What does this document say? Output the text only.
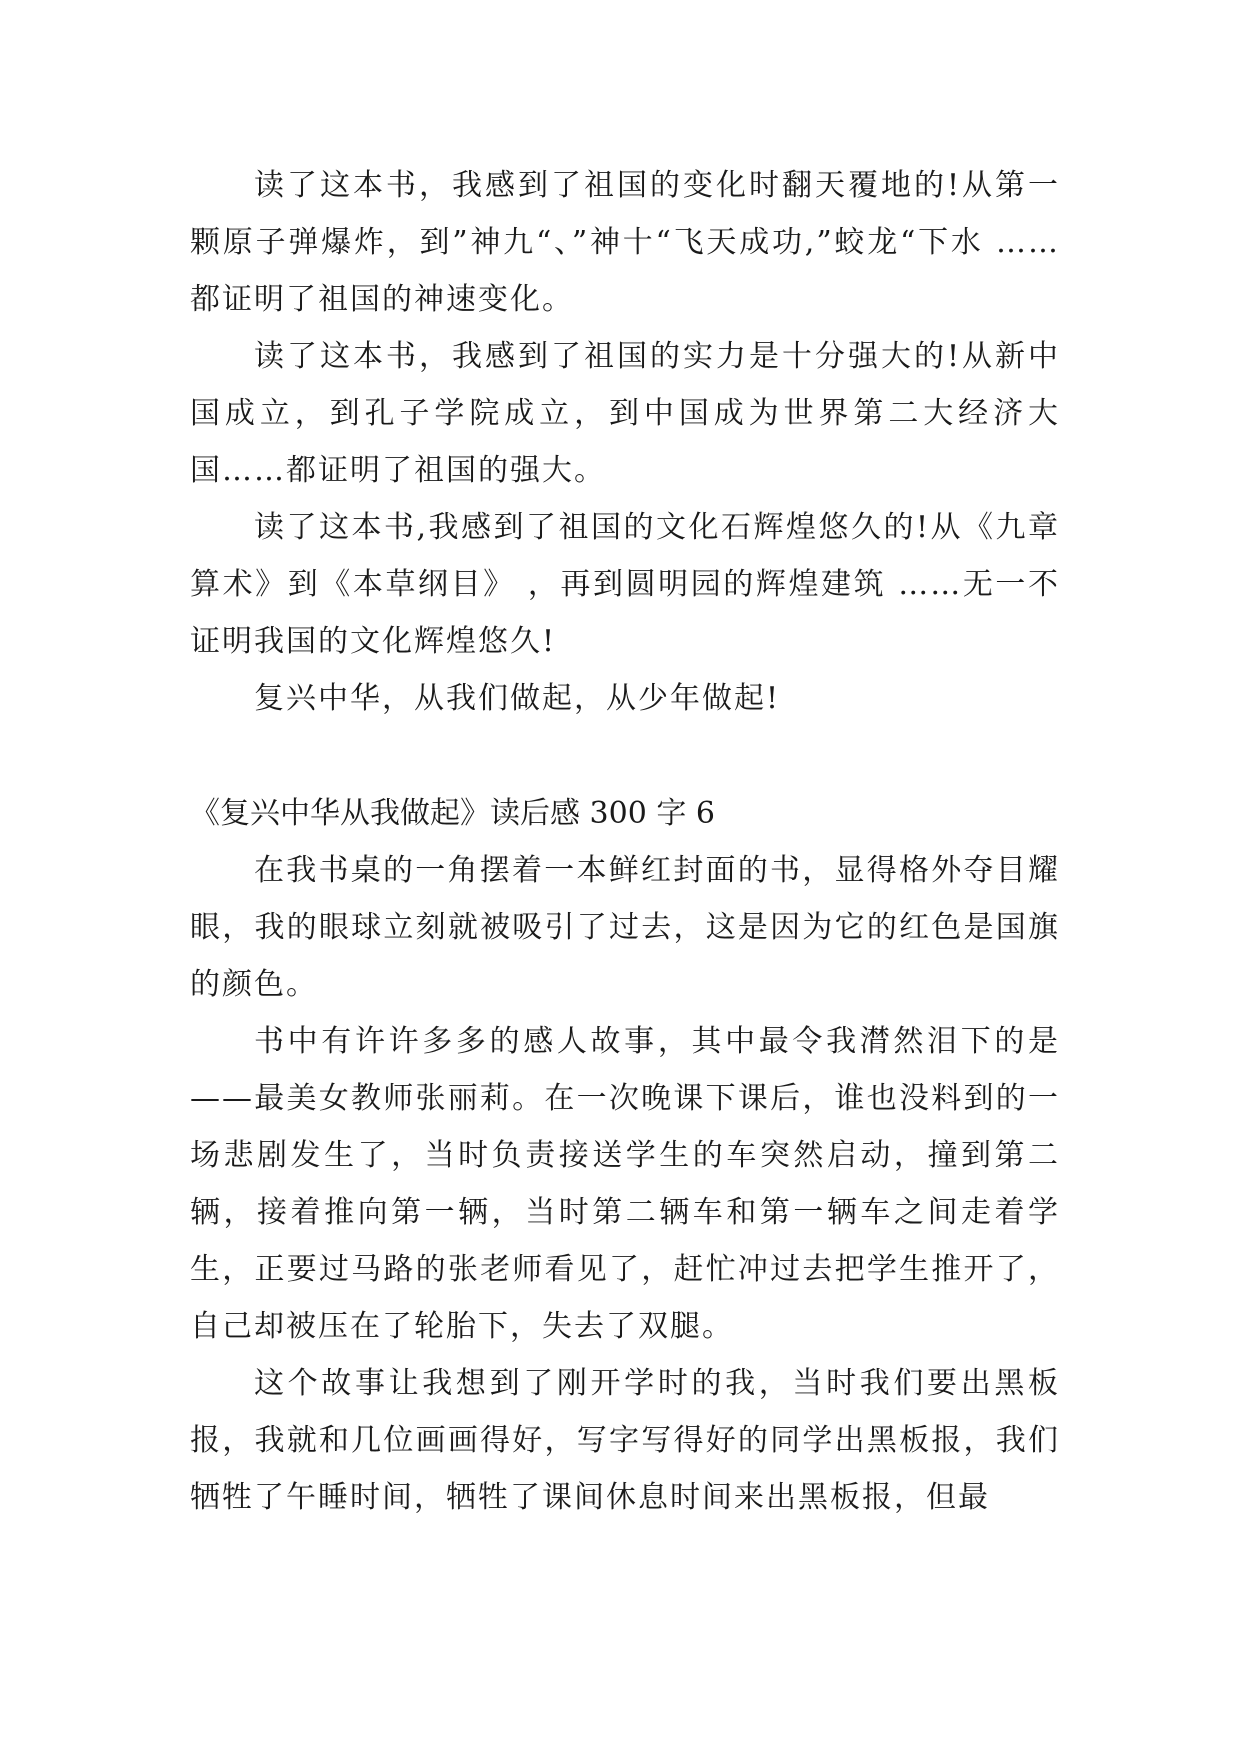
读了这本书，我感到了祖国的变化时翻天覆地的!从第一颗原子弹爆炸，到”神九“、”神十“飞天成功,”蛟龙“下水 ……都证明了祖国的神速变化。

读了这本书，我感到了祖国的实力是十分强大的!从新中国成立，到孔子学院成立，到中国成为世界第二大经济大国……都证明了祖国的强大。

读了这本书,我感到了祖国的文化石辉煌悠久的!从《九章算术》到《本草纲目》 ，再到圆明园的辉煌建筑 ……无一不证明我国的文化辉煌悠久!

复兴中华，从我们做起，从少年做起!

《复兴中华从我做起》读后感 300 字 6

在我书桌的一角摆着一本鲜红封面的书，显得格外夺目耀眼，我的眼球立刻就被吸引了过去，这是因为它的红色是国旗的颜色。

书中有许许多多的感人故事，其中最令我潸然泪下的是——最美女教师张丽莉。在一次晚课下课后，谁也没料到的一场悲剧发生了，当时负责接送学生的车突然启动，撞到第二辆，接着推向第一辆，当时第二辆车和第一辆车之间走着学生，正要过马路的张老师看见了，赶忙冲过去把学生推开了，自己却被压在了轮胎下，失去了双腿。

这个故事让我想到了刚开学时的我，当时我们要出黑板报，我就和几位画画得好，写字写得好的同学出黑板报，我们牺牲了午睡时间，牺牲了课间休息时间来出黑板报，但最
